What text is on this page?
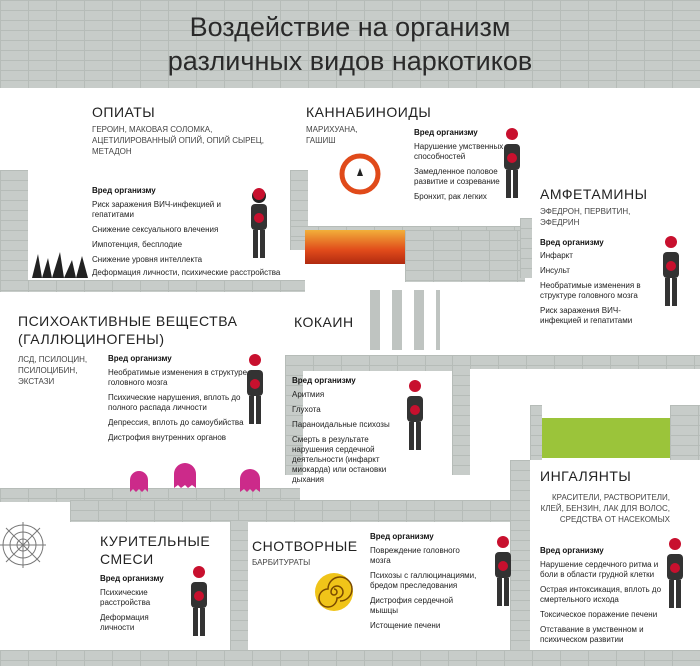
Воздействие на организм
различных видов наркотиков
ОПИАТЫ
ГЕРОИН, МАКОВАЯ СОЛОМКА, АЦЕТИЛИРОВАННЫЙ ОПИЙ, ОПИЙ СЫРЕЦ, МЕТАДОН
Вред организму

Риск заражения ВИЧ-инфекцией и гепатитами

Снижение сексуального влечения

Импотенция, бесплодие

Снижение уровня интеллекта

Деформация личности, психические расстройства
КАННАБИНОИДЫ
МАРИХУАНА, ГАШИШ
Вред организму

Нарушение умственных способностей

Замедленное половое развитие и созревание

Бронхит, рак легких	АМФЕТАМИНЫ
ЭФЕДРОН, ПЕРВИТИН, ЭФЕДРИН
Вред организму

Инфаркт

Инсульт

Необратимые изменения в структуре головного мозга

Риск заражения ВИЧ- инфекцией и гепатитами

ПСИХОАКТИВНЫЕ ВЕЩЕСТВА
(ГАЛЛЮЦИНОГЕНЫ)
ЛСД, ПСИЛОЦИН, ПСИЛОЦИБИН, ЭКСТАЗИ
Вред организму

Необратимые изменения в структуре головного мозга

Психические нарушения, вплоть до полного распада личности

Депрессия, вплоть до самоубийства

Дистрофия внутренних органов

КОКАИН
Вред организму

Аритмия

Глухота

Параноидальные психозы

Смерть в результате нарушения сердечной деятельности (инфаркт миокарда) или остановки дыхания	ИНГАЛЯНТЫ
КРАСИТЕЛИ, РАСТВОРИТЕЛИ, КЛЕЙ, БЕНЗИН, ЛАК ДЛЯ ВОЛОС, СРЕДСТВА ОТ НАСЕКОМЫХ
Вред организму

Нарушение сердечного ритма и боли в области грудной клетки

Острая интоксикация, вплоть до смертельного исхода

Токсическое поражение печени

Отставание в умственном и психическом развитии

КУРИТЕЛЬНЫЕ
СМЕСИ
Вред организму

Психические расстройства

Деформация личности

СНОТВОРНЫЕ
БАРБИТУРАТЫ
Вред организму

Повреждение головного мозга

Психозы с галлюцинациями, бредом преследования

Дистрофия сердечной мышцы

Истощение печени
